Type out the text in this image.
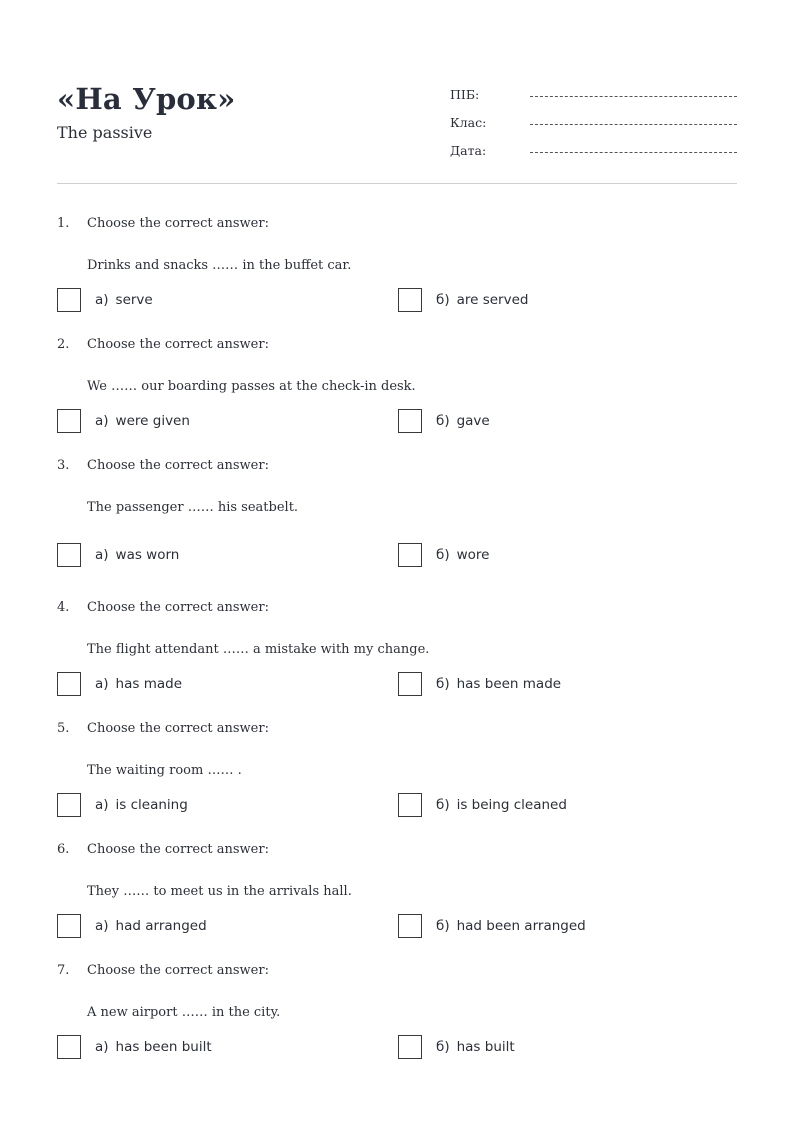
«На Урок»
The passive
ПІБ:
Клас:
Дата:
1. Choose the correct answer:
Drinks and snacks …… in the buffet car.
а) serve	б) are served
2. Choose the correct answer:
We …… our boarding passes at the check-in desk.
а) were given	б) gave
3. Choose the correct answer:
The passenger …… his seatbelt.
а) was worn	б) wore
4. Choose the correct answer:
The flight attendant …… a mistake with my change.
а) has made	б) has been made
5. Choose the correct answer:
The waiting room …… .
а) is cleaning	б) is being cleaned
6. Choose the correct answer:
They …… to meet us in the arrivals hall.
а) had arranged	б) had been arranged
7. Choose the correct answer:
A new airport …… in the city.
а) has been built	б) has built
